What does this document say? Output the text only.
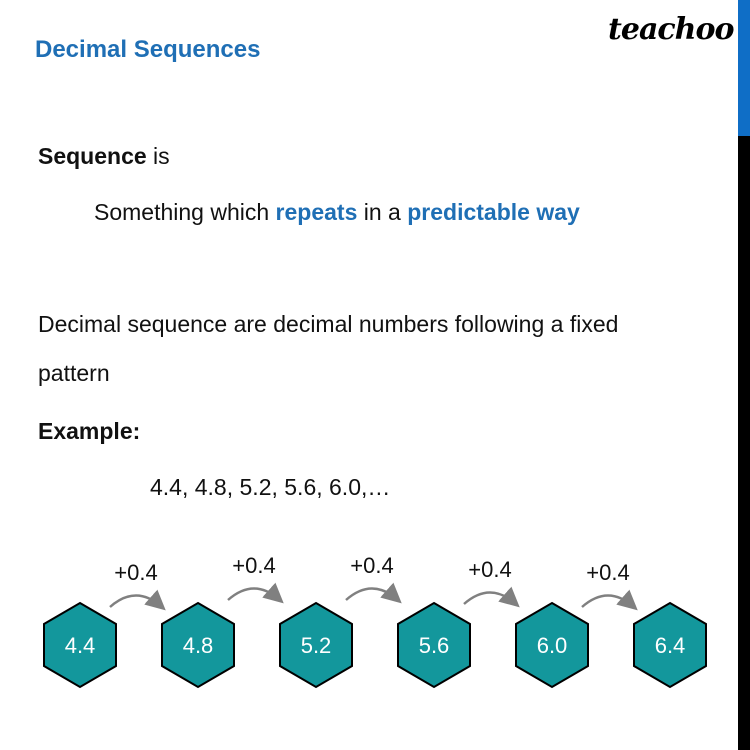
Decimal Sequences
teachoo
Sequence is
Something which repeats in a predictable way
Decimal sequence are decimal numbers following a fixed
pattern
Example:
4.4, 4.8, 5.2, 5.6, 6.0,…
4.4	4.8	5.2	5.6	6.0	6.4
+0.4	+0.4	+0.4	+0.4	+0.4
